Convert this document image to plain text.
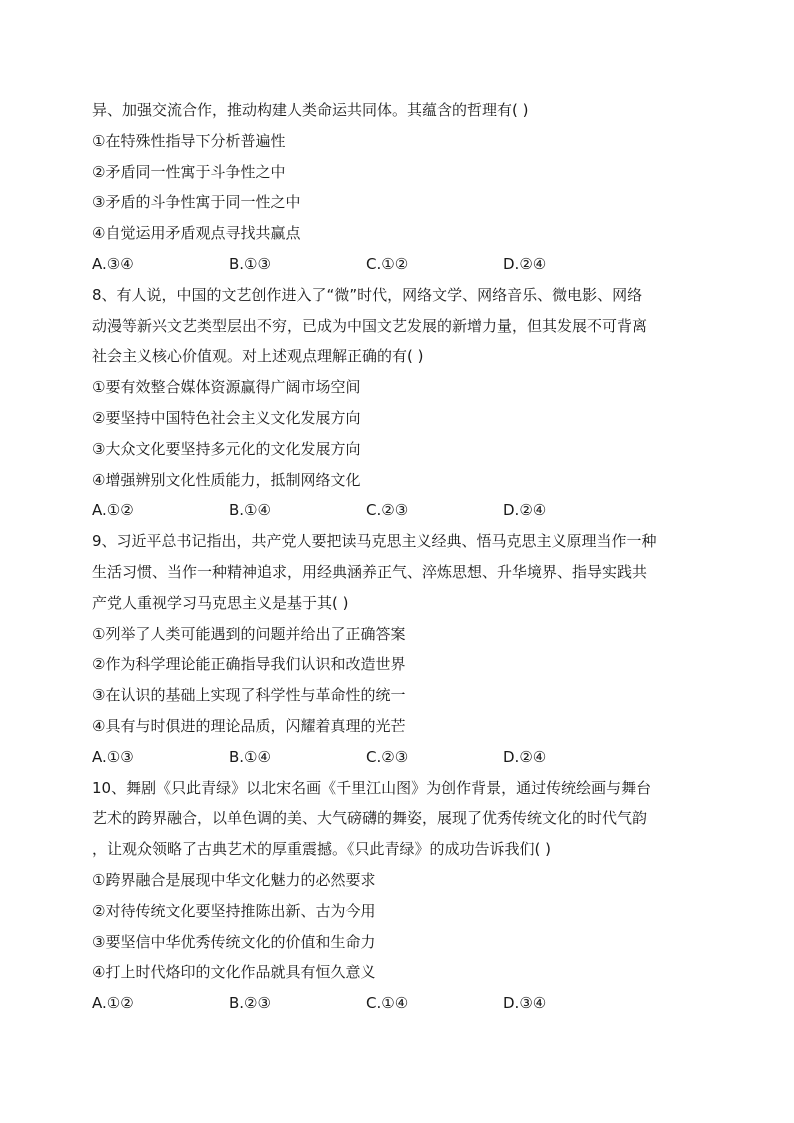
异、加强交流合作，推动构建人类命运共同体。其蕴含的哲理有( )
①在特殊性指导下分析普遍性
②矛盾同一性寓于斗争性之中
③矛盾的斗争性寓于同一性之中
④自觉运用矛盾观点寻找共赢点
A.③④	B.①③	C.①②	D.②④
8、有人说，中国的文艺创作进入了“微”时代，网络文学、网络音乐、微电影、网络
动漫等新兴文艺类型层出不穷，已成为中国文艺发展的新增力量，但其发展不可背离
社会主义核心价值观。对上述观点理解正确的有( )
①要有效整合媒体资源赢得广阔市场空间
②要坚持中国特色社会主义文化发展方向
③大众文化要坚持多元化的文化发展方向
④增强辨别文化性质能力，抵制网络文化
A.①②	B.①④	C.②③	D.②④
9、习近平总书记指出，共产党人要把读马克思主义经典、悟马克思主义原理当作一种
生活习惯、当作一种精神追求，用经典涵养正气、淬炼思想、升华境界、指导实践共
产党人重视学习马克思主义是基于其( )
①列举了人类可能遇到的问题并给出了正确答案
②作为科学理论能正确指导我们认识和改造世界
③在认识的基础上实现了科学性与革命性的统一
④具有与时俱进的理论品质，闪耀着真理的光芒
A.①③	B.①④	C.②③	D.②④
10、舞剧《只此青绿》以北宋名画《千里江山图》为创作背景，通过传统绘画与舞台
艺术的跨界融合，以单色调的美、大气磅礴的舞姿，展现了优秀传统文化的时代气韵
，让观众领略了古典艺术的厚重震撼。《只此青绿》的成功告诉我们( )
①跨界融合是展现中华文化魅力的必然要求
②对待传统文化要坚持推陈出新、古为今用
③要坚信中华优秀传统文化的价值和生命力
④打上时代烙印的文化作品就具有恒久意义
A.①②	B.②③	C.①④	D.③④
